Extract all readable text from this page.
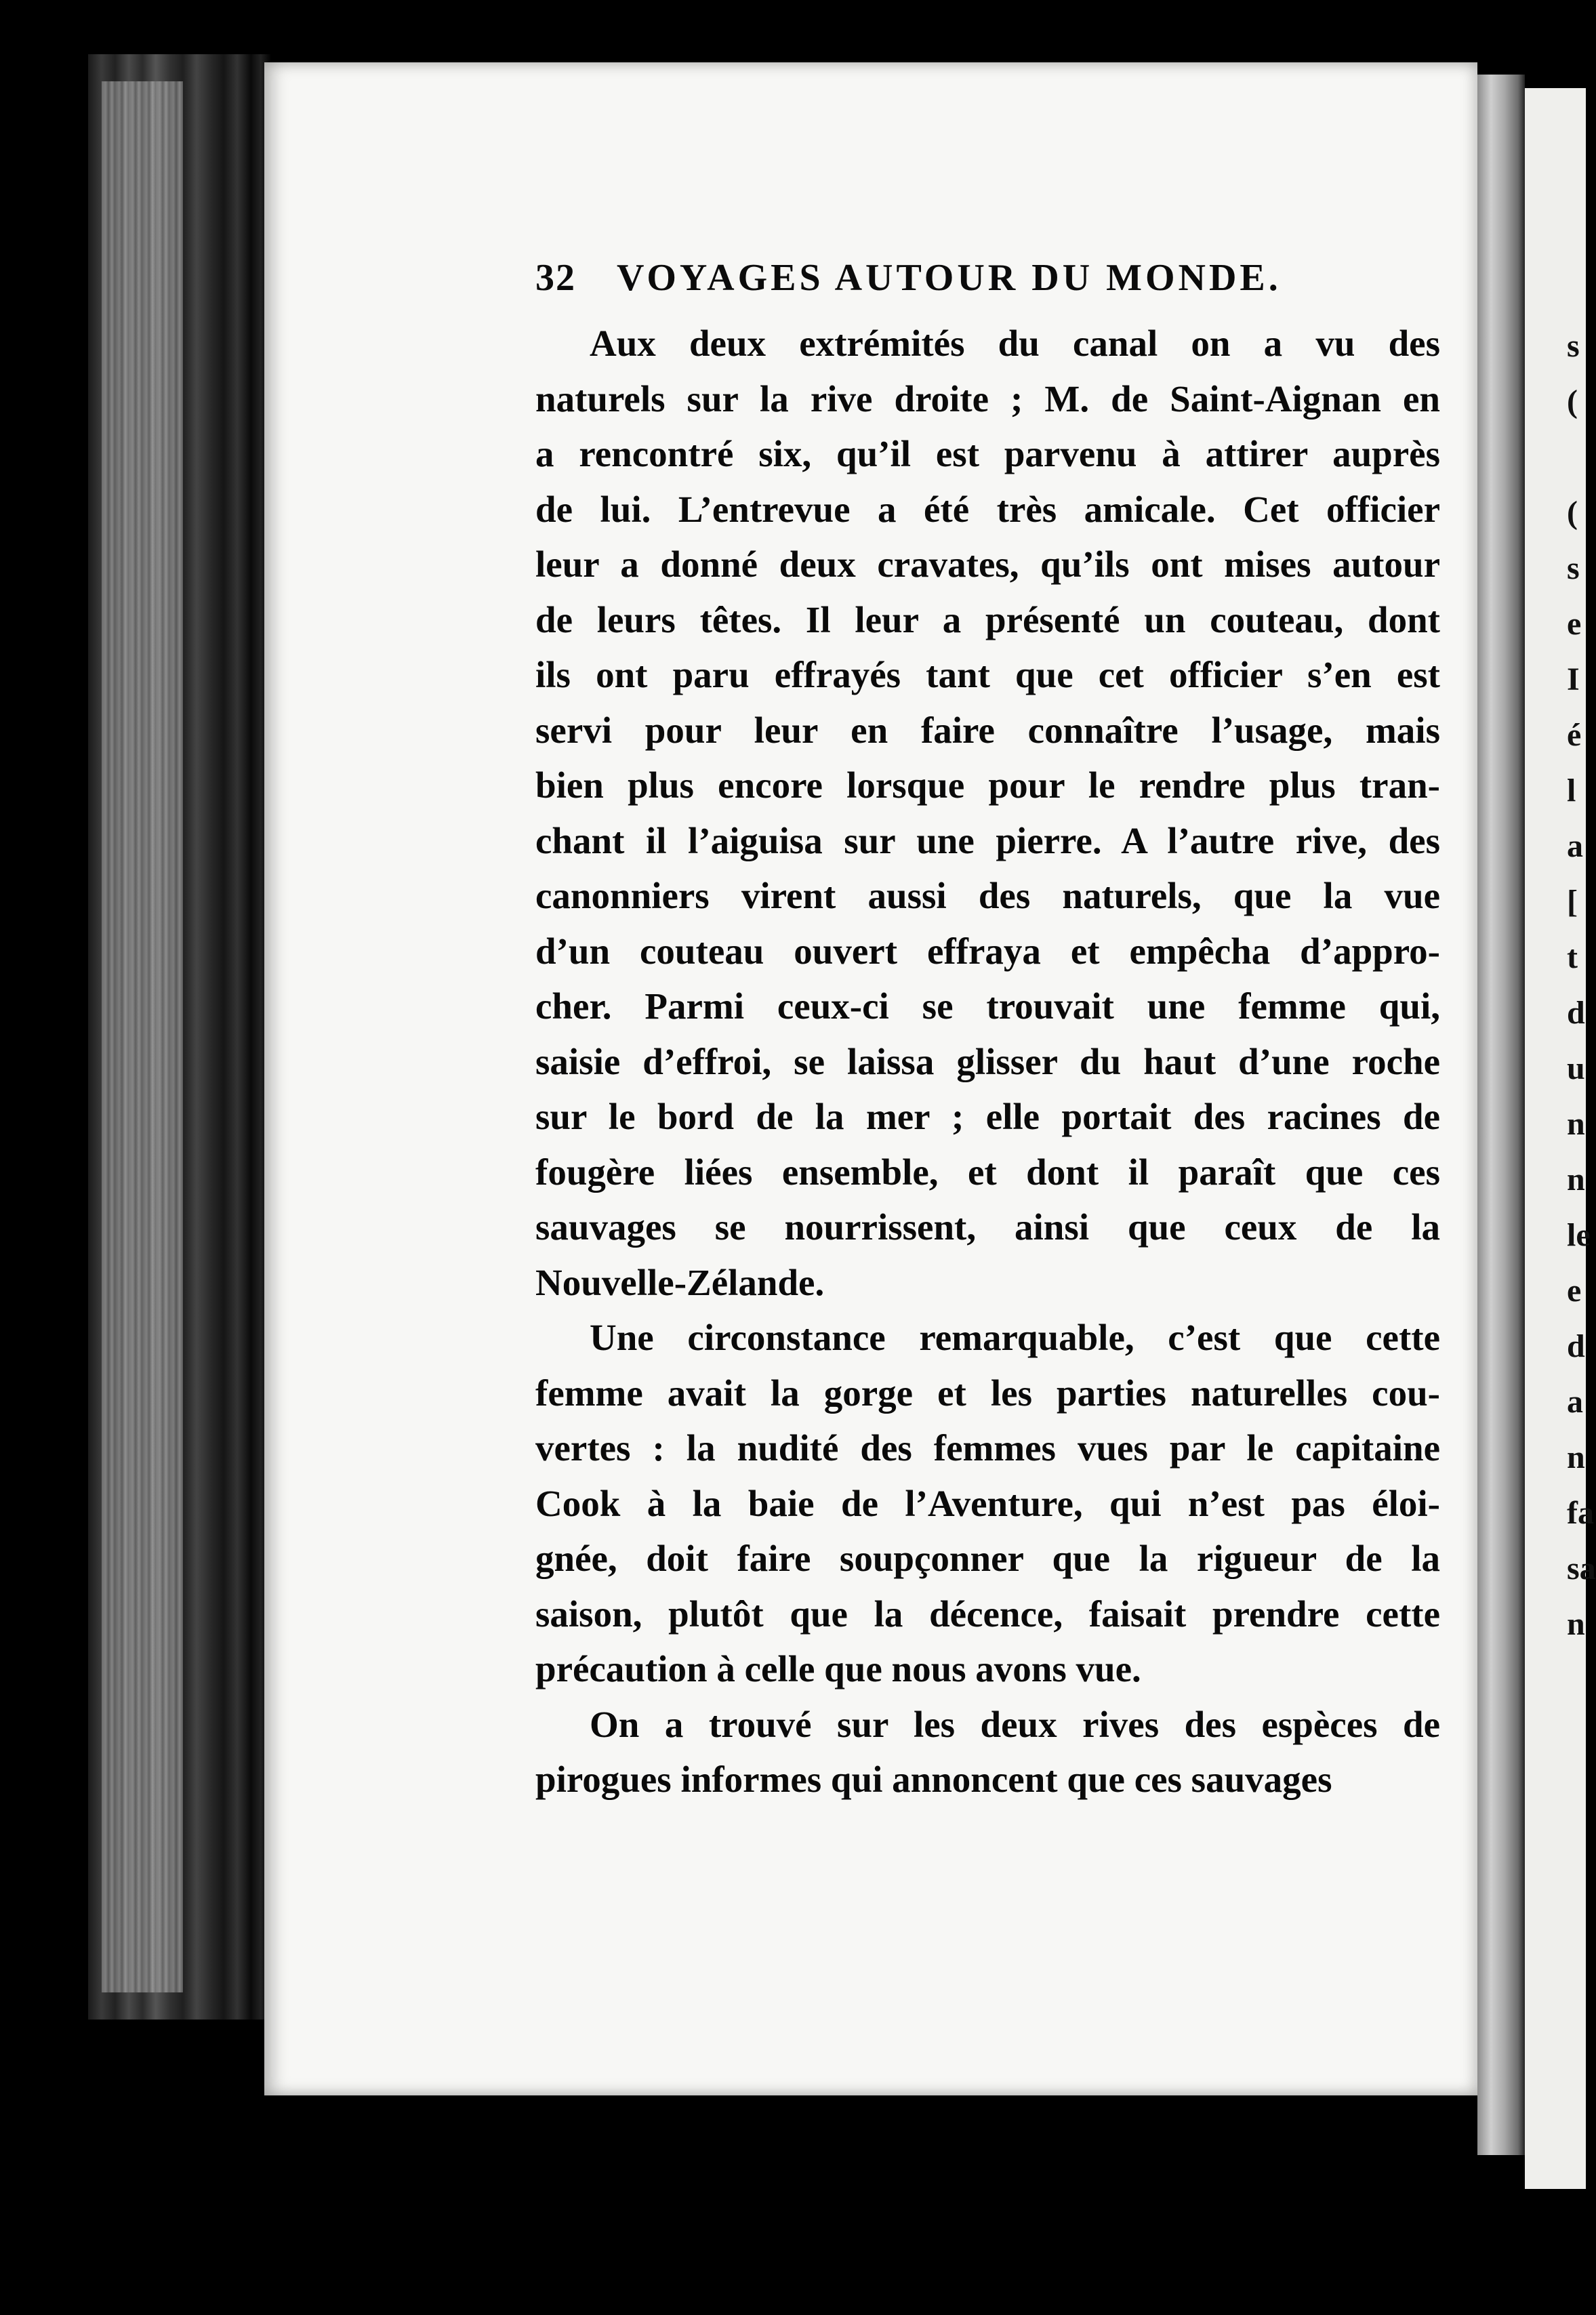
s
(

(
s
e
I
é
l
a
[
t
d
u
n
n
le
e
d
a
n
fa
sa
n
32 VOYAGES AUTOUR DU MONDE.
Aux deux extrémités du canal on a vu des
naturels sur la rive droite ; M. de Saint-Aignan en
a rencontré six, qu’il est parvenu à attirer auprès
de lui. L’entrevue a été très amicale. Cet officier
leur a donné deux cravates, qu’ils ont mises autour
de leurs têtes. Il leur a présenté un couteau, dont
ils ont paru effrayés tant que cet officier s’en est
servi pour leur en faire connaître l’usage, mais
bien plus encore lorsque pour le rendre plus tran-
chant il l’aiguisa sur une pierre. A l’autre rive, des
canonniers virent aussi des naturels, que la vue
d’un couteau ouvert effraya et empêcha d’appro-
cher. Parmi ceux-ci se trouvait une femme qui,
saisie d’effroi, se laissa glisser du haut d’une roche
sur le bord de la mer ; elle portait des racines de
fougère liées ensemble, et dont il paraît que ces
sauvages se nourrissent, ainsi que ceux de la
Nouvelle-Zélande.
Une circonstance remarquable, c’est que cette
femme avait la gorge et les parties naturelles cou-
vertes : la nudité des femmes vues par le capitaine
Cook à la baie de l’Aventure, qui n’est pas éloi-
gnée, doit faire soupçonner que la rigueur de la
saison, plutôt que la décence, faisait prendre cette
précaution à celle que nous avons vue.
On a trouvé sur les deux rives des espèces de
pirogues informes qui annoncent que ces sauvages
